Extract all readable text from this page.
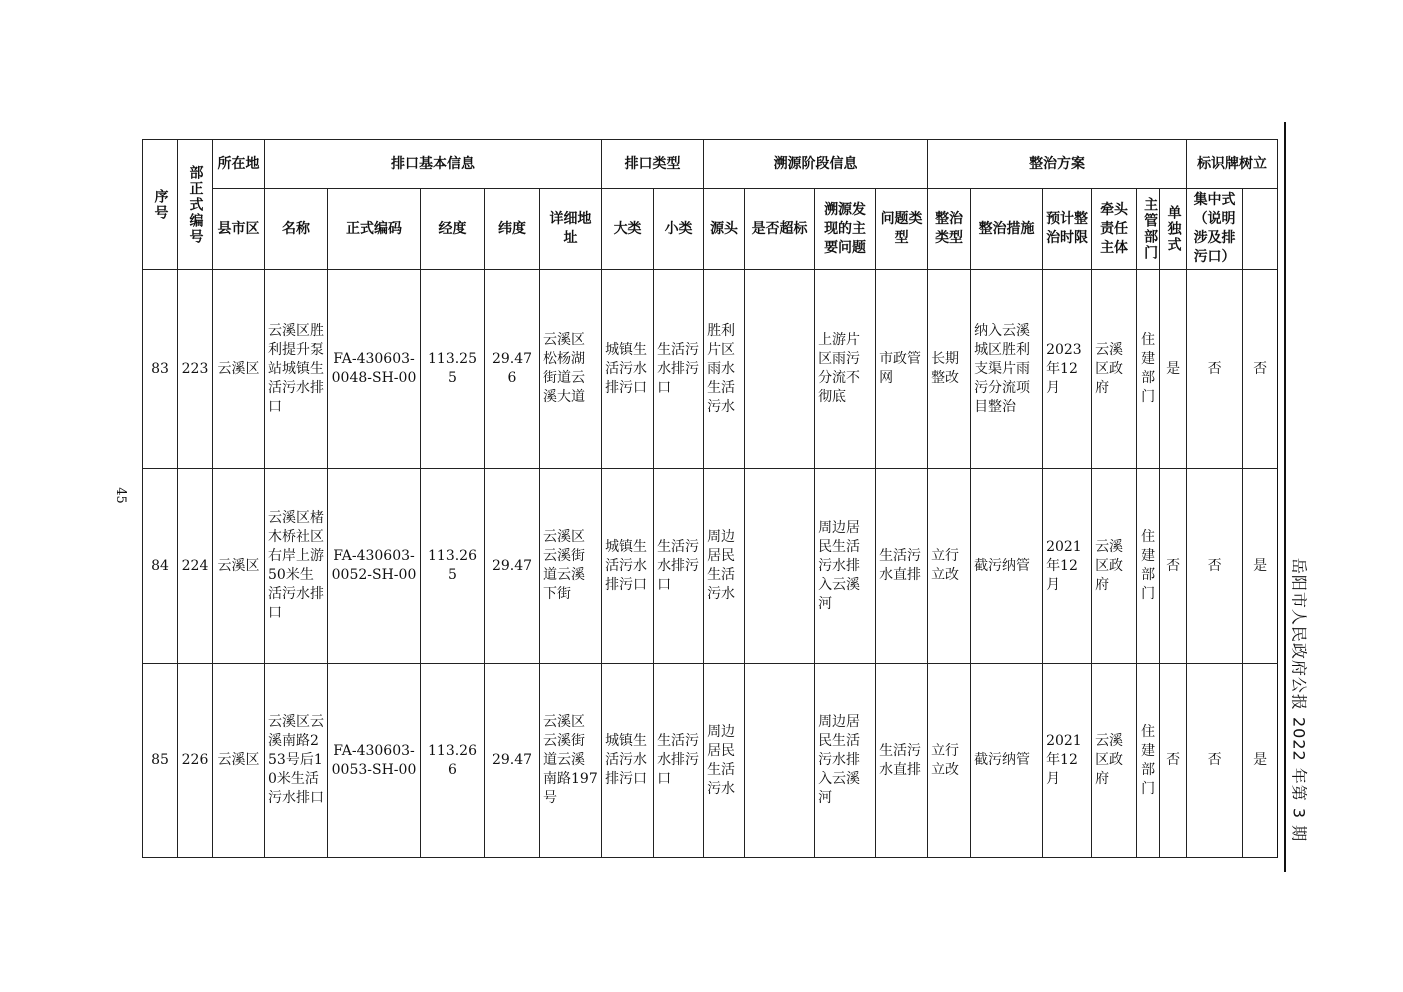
45
岳阳市人民政府公报 2022 年第 3 期
序号	部正式编号	所在地	排口基本信息					排口类型		溯源阶段信息				整治方案						标识牌树立	

		县市区	名称	正式编码	经度	纬度	详细地址	大类	小类	源头	是否超标	溯源发现的主要问题	问题类型	整治类型	整治措施	预计整治时限	牵头责任主体	主管部门	单独式	集中式（说明涉及排污口）		
83	223	云溪区	云溪区胜利提升泵站城镇生活污水排口	FA-430603-0048-SH-00	113.255	29.476	云溪区松杨湖街道云溪大道	城镇生活污水排污口	生活污水排污口	胜利片区雨水生活污水		上游片区雨污分流不彻底	市政管网	长期整改	纳入云溪城区胜利支渠片雨污分流项目整治	2023年12月	云溪区政府	住建部门	是	否	否	
84	224	云溪区	云溪区楮木桥社区右岸上游50米生活污水排口	FA-430603-0052-SH-00	113.265	29.47	云溪区云溪街道云溪下街	城镇生活污水排污口	生活污水排污口	周边居民生活污水		周边居民生活污水排入云溪河	生活污水直排	立行立改	截污纳管	2021年12月	云溪区政府	住建部门	否	否	是	
85	226	云溪区	云溪区云溪南路253号后10米生活污水排口	FA-430603-0053-SH-00	113.266	29.47	云溪区云溪街道云溪南路197号	城镇生活污水排污口	生活污水排污口	周边居民生活污水		周边居民生活污水排入云溪河	生活污水直排	立行立改	截污纳管	2021年12月	云溪区政府	住建部门	否	否	是	
